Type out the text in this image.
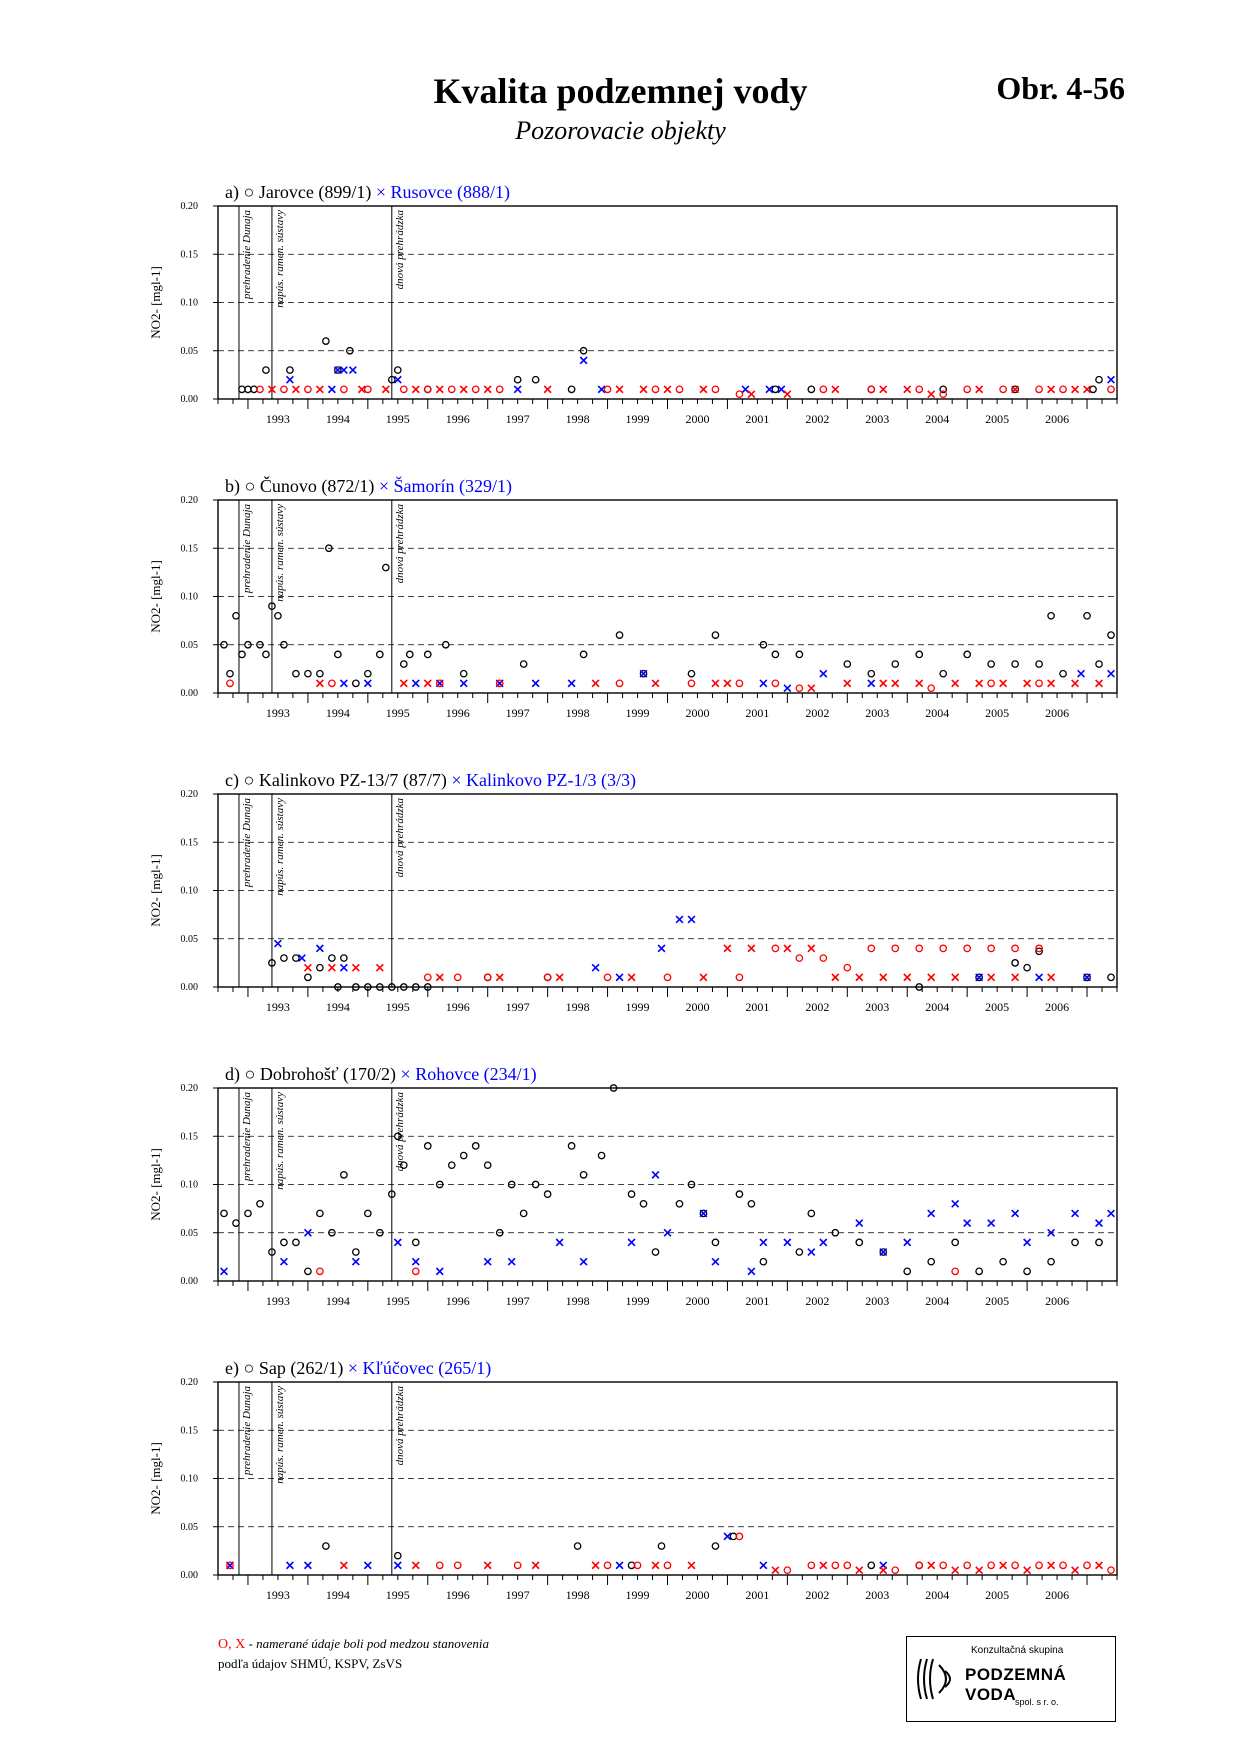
Kvalita podzemnej vody
Pozorovacie objekty
Obr. 4-56
a) ○ Jarovce (899/1) × Rusovce (888/1)
0.00
0.05
0.10
0.15
0.20
NO2- [mgl-1]
1993	1994	1995	1996	1997	1998	1999	2000	2001	2002	2003	2004	2005	2006
prehradenie Dunaja napús. ramen. sústavy	dnová prehrádzka
b) ○ Čunovo (872/1) × Šamorín (329/1)
0.00
0.05
0.10
0.15
0.20
NO2- [mgl-1]
1993	1994	1995	1996	1997	1998	1999	2000	2001	2002	2003	2004	2005	2006
prehradenie Dunaja napús. ramen. sústavy	dnová prehrádzka
c) ○ Kalinkovo PZ-13/7 (87/7) × Kalinkovo PZ-1/3 (3/3)
0.00
0.05
0.10
0.15
0.20
NO2- [mgl-1]
1993	1994	1995	1996	1997	1998	1999	2000	2001	2002	2003	2004	2005	2006
prehradenie Dunaja napús. ramen. sústavy	dnová prehrádzka
d) ○ Dobrohošť (170/2) × Rohovce (234/1)
0.00
0.05
0.10
0.15
0.20
NO2- [mgl-1]
1993	1994	1995	1996	1997	1998	1999	2000	2001	2002	2003	2004	2005	2006
prehradenie Dunaja napús. ramen. sústavy	dnová prehrádzka
e) ○ Sap (262/1) × Kľúčovec (265/1)
0.00
0.05
0.10
0.15
0.20
NO2- [mgl-1]
1993	1994	1995	1996	1997	1998	1999	2000	2001	2002	2003	2004	2005	2006
prehradenie Dunaja napús. ramen. sústavy	dnová prehrádzka
O, X - namerané údaje boli pod medzou stanovenia
podľa údajov SHMÚ, KSPV, ZsVS
Konzultačná skupina
PODZEMNÁ VODA
spol. s r. o.
